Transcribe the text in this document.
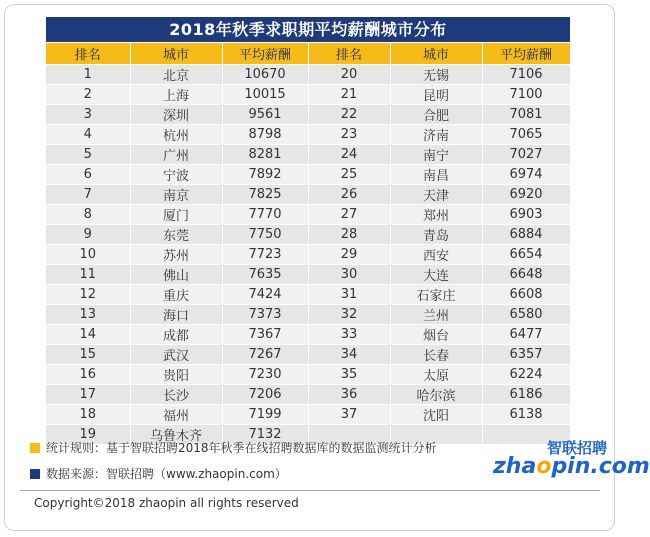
2018年秋季求职期平均薪酬城市分布
排名	城市	平均薪酬	排名	城市	平均薪酬
1	北京	10670	20	无锡	7106
2	上海	10015	21	昆明	7100
3	深圳	9561	22	合肥	7081
4	杭州	8798	23	济南	7065
5	广州	8281	24	南宁	7027
6	宁波	7892	25	南昌	6974
7	南京	7825	26	天津	6920
8	厦门	7770	27	郑州	6903
9	东莞	7750	28	青岛	6884
10	苏州	7723	29	西安	6654
11	佛山	7635	30	大连	6648
12	重庆	7424	31	石家庄	6608
13	海口	7373	32	兰州	6580
14	成都	7367	33	烟台	6477
15	武汉	7267	34	长春	6357
16	贵阳	7230	35	太原	6224
17	长沙	7206	36	哈尔滨	6186
18	福州	7199	37	沈阳	6138
19	乌鲁木齐	7132			
统计规则：基于智联招聘2018年秋季在线招聘数据库的数据监测统计分析
数据来源：智联招聘（www.zhaopin.com）
智联招聘
zhaopin.com
Copyright©2018 zhaopin all rights reserved
